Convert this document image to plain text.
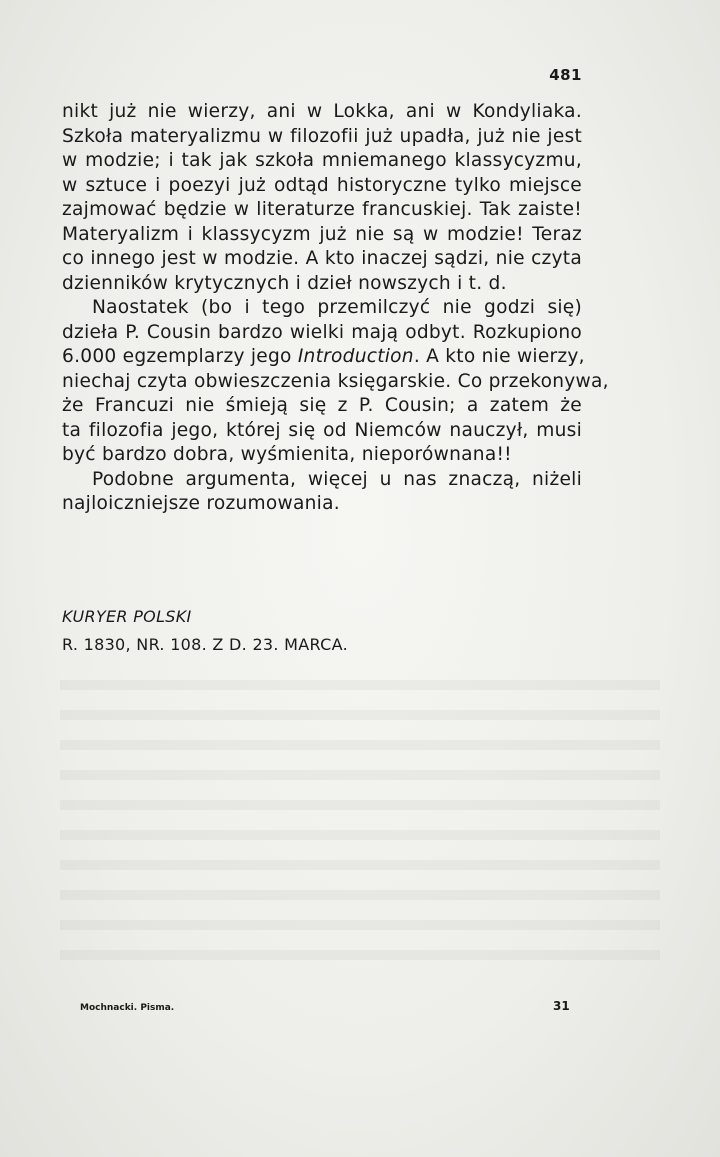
481
nikt już nie wierzy, ani w Lokka, ani w Kondyliaka.
Szkoła materyalizmu w filozofii już upadła, już nie jest
w modzie; i tak jak szkoła mniemanego klassycyzmu,
w sztuce i poezyi już odtąd historyczne tylko miejsce
zajmować będzie w literaturze francuskiej. Tak zaiste!
Materyalizm i klassycyzm już nie są w modzie! Teraz
co innego jest w modzie. A kto inaczej sądzi, nie czyta
dzienników krytycznych i dzieł nowszych i t. d.
Naostatek (bo i tego przemilczyć nie godzi się)
dzieła P. Cousin bardzo wielki mają odbyt. Rozkupiono
6.000 egzemplarzy jego Introduction. A kto nie wierzy,
niechaj czyta obwieszczenia księgarskie. Co przekonywa,
że Francuzi nie śmieją się z P. Cousin; a zatem że
ta filozofia jego, której się od Niemców nauczył, musi
być bardzo dobra, wyśmienita, nieporównana!!
Podobne argumenta, więcej u nas znaczą, niżeli
najloiczniejsze rozumowania.
KURYER POLSKI
R. 1830, NR. 108. Z D. 23. MARCA.
Mochnacki. Pisma.	31
